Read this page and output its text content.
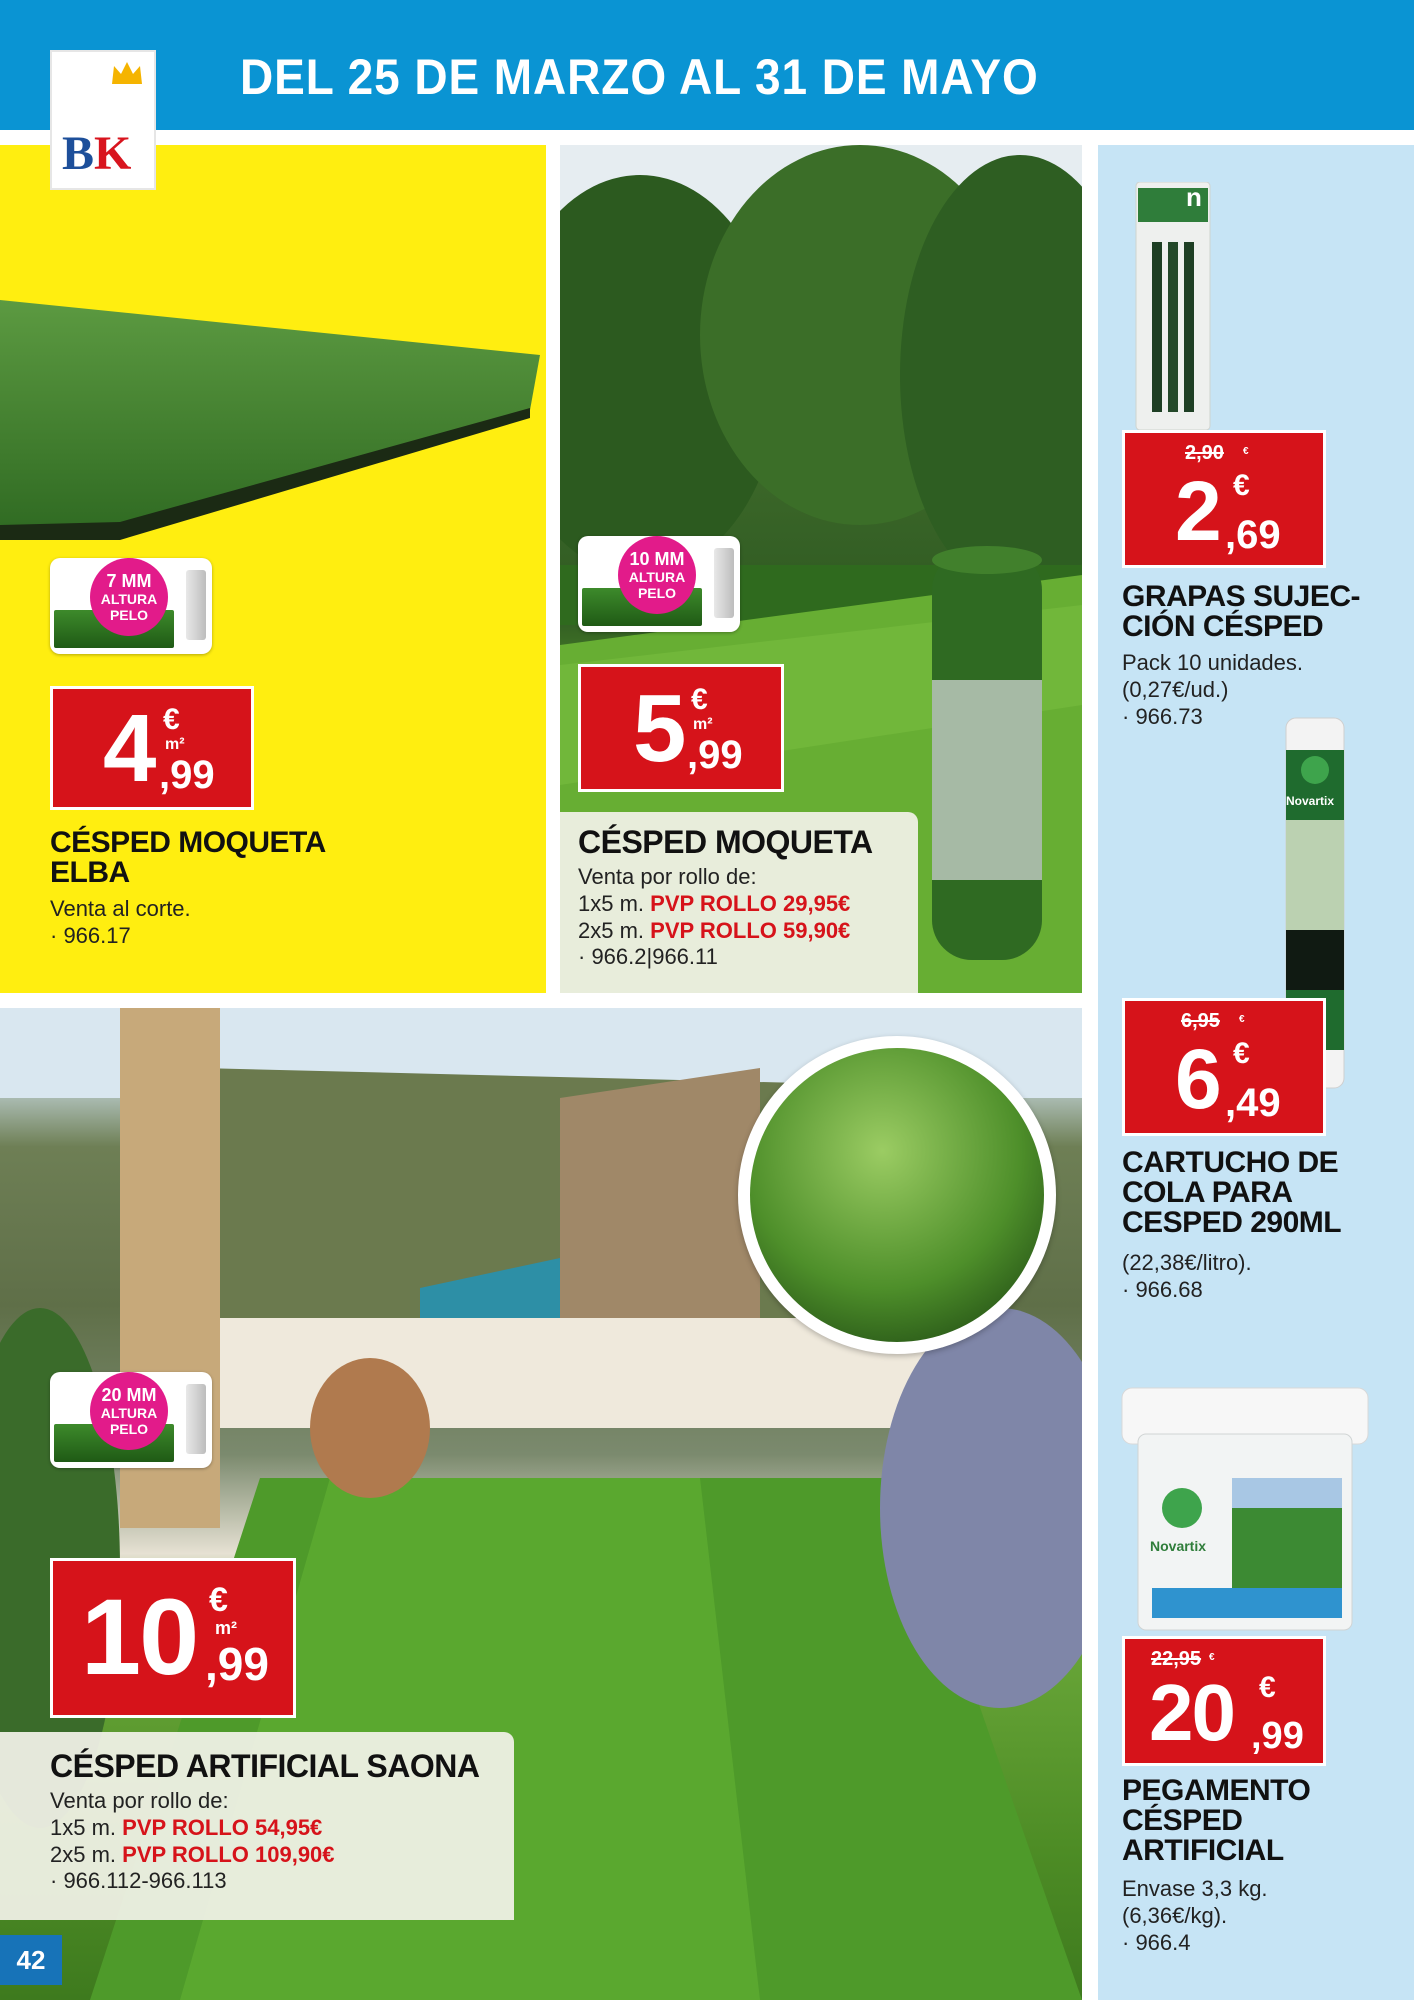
DEL 25 DE MARZO AL 31 DE MAYO
BK
7 MM
ALTURA
PELO
4 €
m²
,99
CÉSPED MOQUETA
ELBA
Venta al corte.
· 966.17
10 MM
ALTURA
PELO
5 €
m²
,99
CÉSPED MOQUETA
Venta por rollo de:
1x5 m. PVP ROLLO 29,95€
2x5 m. PVP ROLLO 59,90€
· 966.2|966.11
20 MM
ALTURA
PELO
10 €
m²
,99
CÉSPED ARTIFICIAL SAONA
Venta por rollo de:
1x5 m. PVP ROLLO 54,95€
2x5 m. PVP ROLLO 109,90€
· 966.112-966.113
42
n
2,90 €
2 €
,69
GRAPAS SUJEC-
CIÓN CÉSPED
Pack 10 unidades.
(0,27€/ud.)
· 966.73
Novartix
6,95 €
6 €
,49
CARTUCHO DE
COLA PARA
CESPED 290ML
(22,38€/litro).
· 966.68
Novartix
22,95 €
20 €
,99
PEGAMENTO
CÉSPED
ARTIFICIAL
Envase 3,3 kg.
(6,36€/kg).
· 966.4
